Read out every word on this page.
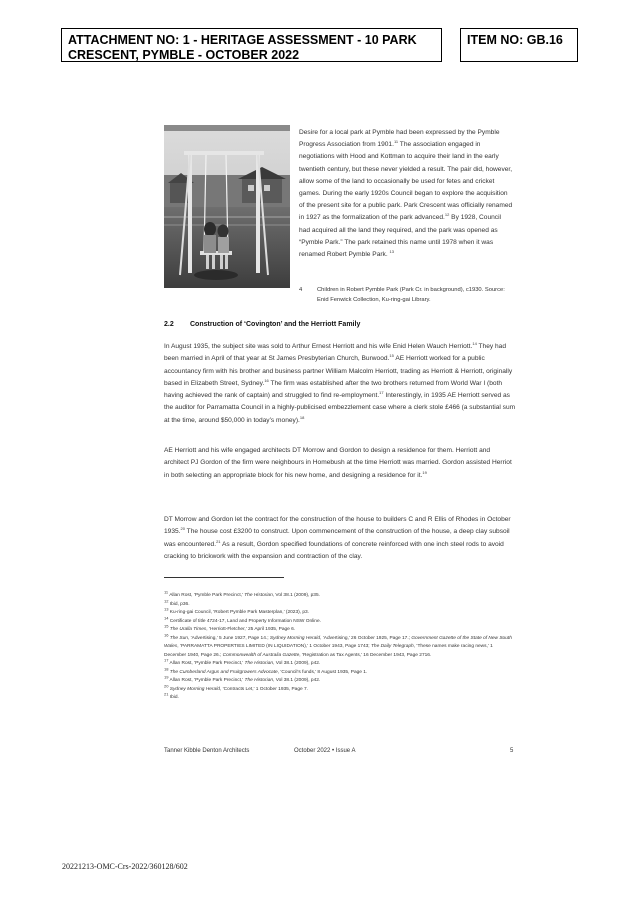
ATTACHMENT NO: 1 - HERITAGE ASSESSMENT - 10 PARK CRESCENT, PYMBLE - OCTOBER 2022
ITEM NO: GB.16
Desire for a local park at Pymble had been expressed by the Pymble Progress Association from 1901.11 The association engaged in negotiations with Hood and Kottman to acquire their land in the early twentieth century, but these never yielded a result. The pair did, however, allow some of the land to occasionally be used for fetes and cricket games. During the early 1920s Council began to explore the acquisition of the present site for a public park. Park Crescent was officially renamed in 1927 as the formalization of the park advanced.$^{12}$ By 1928, Council had acquired all the land they required, and the park was opened as “Pymble Park.” The park retained this name until 1978 when it was renamed Robert Pymble Park. $^{13}$
4	Children in Robert Pymble Park (Park Cr. in background), c1930. Source: Enid Fenwick Collection, Ku-ring-gai Library.
2.2 Construction of ‘Covington’ and the Herriott Family

In August 1935, the subject site was sold to Arthur Ernest Herriott and his wife Enid Helen Wauch Herriott.$^{14}$ They had been married in April of that year at St James Presbyterian Church, Burwood.$^{15}$ AE Herriott worked for a public accountancy firm with his brother and business partner William Malcolm Herriott, trading as Herriott & Herriott, originally based in Elizabeth Street, Sydney.$^{16}$ The firm was established after the two brothers returned from World War I (both having achieved the rank of captain) and struggled to find re-employment.$^{17}$ Interestingly, in 1935 AE Herriott served as the auditor for Parramatta Council in a highly-publicised embezzlement case where a clerk stole £466 (a substantial sum at the time, around $50,000 in today’s money).$^{18}$

AE Herriott and his wife engaged architects DT Morrow and Gordon to design a residence for them. Herriott and architect PJ Gordon of the firm were neighbours in Homebush at the time Herriott was married. Gordon assisted Herriot in both selecting an appropriate block for his new home, and designing a residence for it.$^{19}$

DT Morrow and Gordon let the contract for the construction of the house to builders C and R Ellis of Rhodes in October 1935.20 The house cost £3200 to construct. Upon commencement of the construction of the house, a deep clay subsoil was encountered.$^{21}$ As a result, Gordon specified foundations of concrete reinforced with one inch steel rods to avoid cracking to brickwork with the expansion and contraction of the clay.

$^{11}$ Allan Rost, ‘Pymble Park Precinct,’ The Historian, Vol 38.1 (2009), p35.
$^{12}$ Ibid, p36.
$^{13}$ Ku-ring-gai Council, ‘Robert Pymble Park Masterplan,’ (2023), p3.
$^{14}$ Certificate of title 4724-17, Land and Property Information NSW Online.
$^{15}$ The Uralla Times, ‘Herriott-Fletcher,’ 25 April 1935, Page 6.
$^{16}$ The Sun, ‘Advertising,’ 5 June 1927, Page 14.; Sydney Morning Herald, ‘Advertising,’ 26 October 1925, Page 17.; Government Gazette of the State of New South Wales, ‘PARRAMATTA PROPERTIES LIMITED (IN LIQUIDATION),’ 1 October 1943, Page 1743; The Daily Telegraph, ‘These names make racing news,’ 1 December 1940, Page 26.; Commonwealth of Australia Gazette, ‘Registration as Tax Agents,’ 16 December 1943, Page 2716.
$^{17}$ Allan Rost, ‘Pymble Park Precinct,’ The Historian, Vol 38.1 (2009), p42.
$^{18}$ The Cumberland Argus and Fruitgrowers Advocate, ‘Council’s funds,’ 8 August 1935, Page 1.
$^{19}$ Allan Rost, ‘Pymble Park Precinct,’ The Historian, Vol 38.1 (2009), p42.
$^{20}$ Sydney Morning Herald, ‘Contracts Let,’ 1 October 1935, Page 7.
$^{21}$ Ibid.
Tanner Kibble Denton Architects	October 2022 • Issue A	5
20221213-OMC-Crs-2022/360128/602
